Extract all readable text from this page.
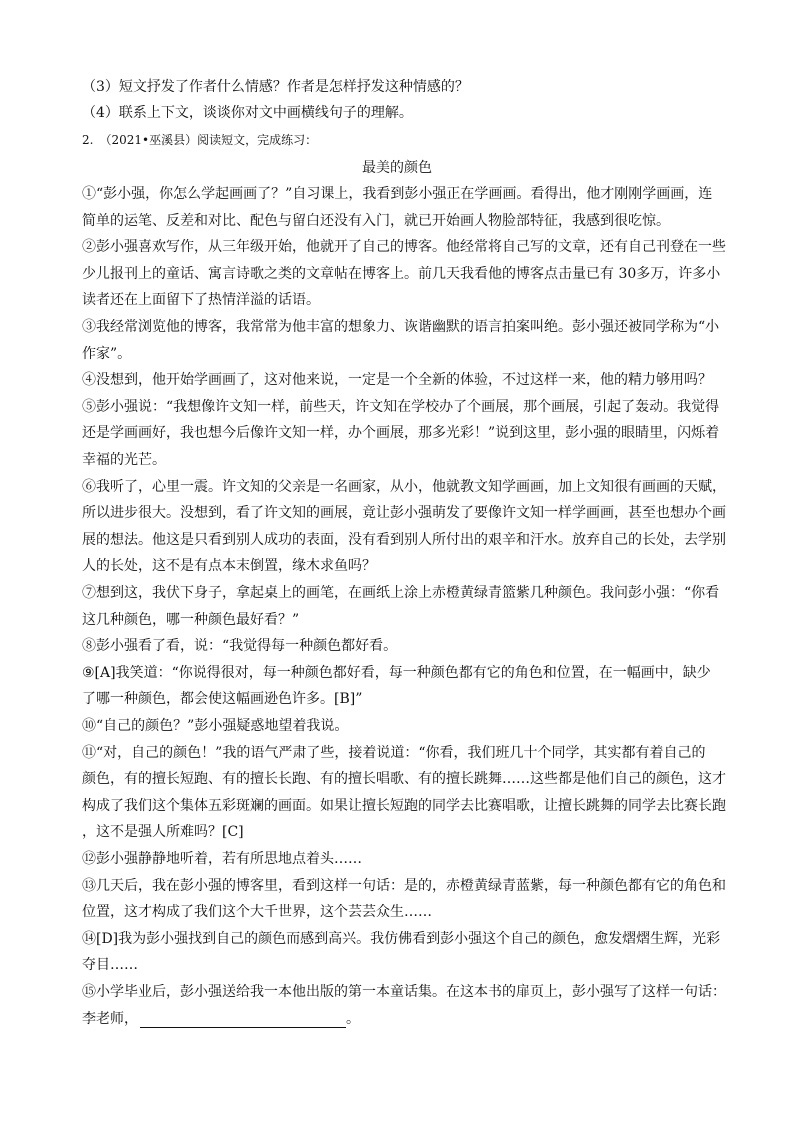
（3）短文抒发了作者什么情感？作者是怎样抒发这种情感的？
（4）联系上下文，谈谈你对文中画横线句子的理解。
2.　（2021•巫溪县）阅读短文，完成练习：
最美的颜色
①“彭小强，你怎么学起画画了？”自习课上，我看到彭小强正在学画画。看得出，他才刚刚学画画，连
简单的运笔、反差和对比、配色与留白还没有入门，就已开始画人物脸部特征，我感到很吃惊。
②彭小强喜欢写作，从三年级开始，他就开了自己的博客。他经常将自己写的文章，还有自己刊登在一些
少儿报刊上的童话、寓言诗歌之类的文章帖在博客上。前几天我看他的博客点击量已有 30多万，许多小
读者还在上面留下了热情洋溢的话语。
③我经常浏览他的博客，我常常为他丰富的想象力、诙谐幽默的语言拍案叫绝。彭小强还被同学称为“小
作家”。
④没想到，他开始学画画了，这对他来说，一定是一个全新的体验，不过这样一来，他的精力够用吗？
⑤彭小强说：“我想像许文知一样，前些天，许文知在学校办了个画展，那个画展，引起了轰动。我觉得
还是学画画好，我也想今后像许文知一样，办个画展，那多光彩！”说到这里，彭小强的眼睛里，闪烁着
幸福的光芒。
⑥我听了，心里一震。许文知的父亲是一名画家，从小，他就教文知学画画，加上文知很有画画的天赋，
所以进步很大。没想到，看了许文知的画展，竟让彭小强萌发了要像许文知一样学画画，甚至也想办个画
展的想法。他这是只看到别人成功的表面，没有看到别人所付出的艰辛和汗水。放弃自己的长处，去学别
人的长处，这不是有点本末倒置，缘木求鱼吗？
⑦想到这，我伏下身子，拿起桌上的画笔，在画纸上涂上赤橙黄绿青篮紫几种颜色。我问彭小强：“你看
这几种颜色，哪一种颜色最好看？”
⑧彭小强看了看，说：“我觉得每一种颜色都好看。
⑨[A]我笑道：“你说得很对，每一种颜色都好看，每一种颜色都有它的角色和位置，在一幅画中，缺少
了哪一种颜色，都会使这幅画逊色许多。[B]”
⑩“自己的颜色？”彭小强疑惑地望着我说。
⑪“对，自己的颜色！”我的语气严肃了些，接着说道：“你看，我们班几十个同学，其实都有着自己的
颜色，有的擅长短跑、有的擅长长跑、有的擅长唱歌、有的擅长跳舞……这些都是他们自己的颜色，这才
构成了我们这个集体五彩斑斓的画面。如果让擅长短跑的同学去比赛唱歌，让擅长跳舞的同学去比赛长跑
，这不是强人所难吗？[C]
⑫彭小强静静地听着，若有所思地点着头……
⑬几天后，我在彭小强的博客里，看到这样一句话：是的，赤橙黄绿青蓝紫，每一种颜色都有它的角色和
位置，这才构成了我们这个大千世界，这个芸芸众生……
⑭[D]我为彭小强找到自己的颜色而感到高兴。我仿佛看到彭小强这个自己的颜色，愈发熠熠生辉，光彩
夺目……
⑮小学毕业后，彭小强送给我一本他出版的第一本童话集。在这本书的扉页上，彭小强写了这样一句话：
李老师，	。
